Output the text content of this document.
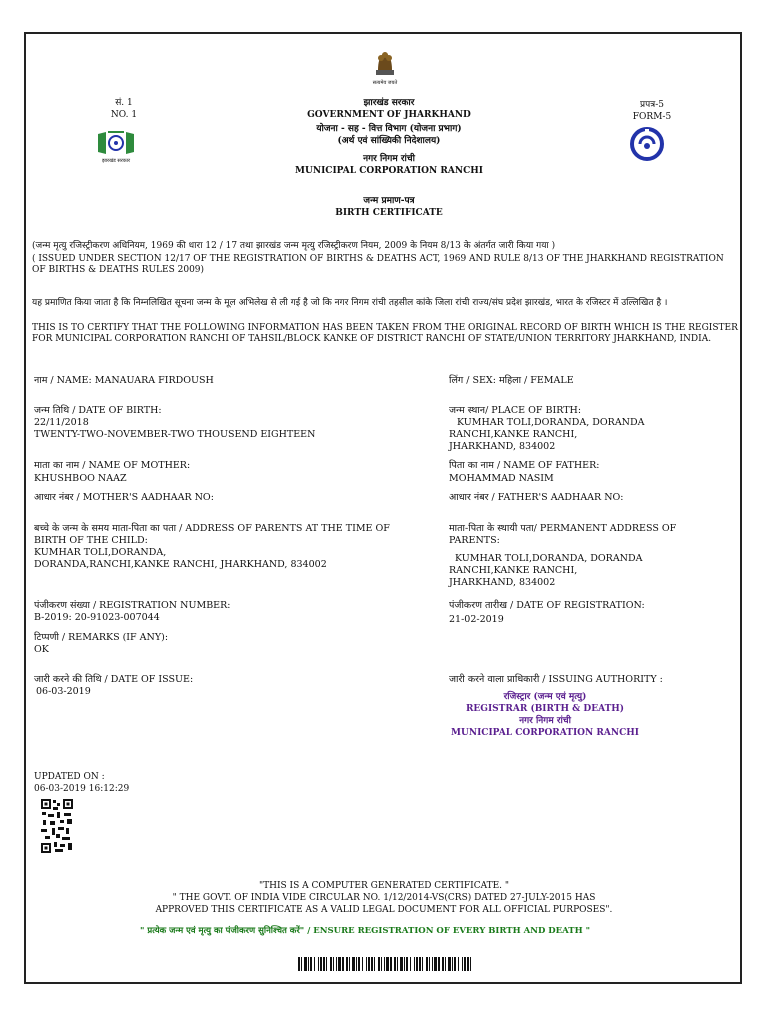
सं. 1
NO. 1
झारखंड सरकार
सत्यमेव जयते
झारखंड सरकार
GOVERNMENT OF JHARKHAND
योजना - सह - वित्त विभाग (योजना प्रभाग)
(अर्थ एवं सांख्यिकी निदेशालय)
नगर निगम रांची
MUNICIPAL CORPORATION RANCHI
प्रपत्र-5
FORM-5
जन्म प्रमाण-पत्र
BIRTH CERTIFICATE
(जन्म मृत्यु रजिस्ट्रीकरण अधिनियम, 1969 की धारा 12 / 17 तथा झारखंड जन्म मृत्यु रजिस्ट्रीकरण नियम, 2009 के नियम 8/13 के अंतर्गत जारी किया गया )
( ISSUED UNDER SECTION 12/17 OF THE REGISTRATION OF BIRTHS & DEATHS ACT, 1969 AND RULE 8/13 OF THE JHARKHAND REGISTRATION OF BIRTHS & DEATHS RULES 2009)
यह प्रमाणित किया जाता है कि निम्नलिखित सूचना जन्म के मूल अभिलेख से ली गई है जो कि नगर निगम रांची तहसील कांके जिला रांची राज्य/संघ प्रदेश झारखंड, भारत के रजिस्टर में उल्लिखित है ।
THIS IS TO CERTIFY THAT THE FOLLOWING INFORMATION HAS BEEN TAKEN FROM THE ORIGINAL RECORD OF BIRTH WHICH IS THE REGISTER FOR MUNICIPAL CORPORATION RANCHI OF TAHSIL/BLOCK KANKE OF DISTRICT RANCHI OF STATE/UNION TERRITORY JHARKHAND, INDIA.
नाम / NAME: MANAUARA FIRDOUSH	लिंग / SEX: महिला / FEMALE
जन्म तिथि / DATE OF BIRTH:
22/11/2018
TWENTY-TWO-NOVEMBER-TWO THOUSEND EIGHTEEN
जन्म स्थान/ PLACE OF BIRTH:
KUMHAR TOLI,DORANDA, DORANDA
RANCHI,KANKE RANCHI,
JHARKHAND, 834002
माता का नाम / NAME OF MOTHER:
KHUSHBOO NAAZ
पिता का नाम / NAME OF FATHER:
MOHAMMAD NASIM
आधार नंबर / MOTHER'S AADHAAR NO:	आधार नंबर / FATHER'S AADHAAR NO:
बच्चे के जन्म के समय माता-पिता का पता / ADDRESS OF PARENTS AT THE TIME OF
BIRTH OF THE CHILD:
KUMHAR TOLI,DORANDA,
DORANDA,RANCHI,KANKE RANCHI, JHARKHAND, 834002
माता-पिता के स्थायी पता/ PERMANENT ADDRESS OF
PARENTS:
KUMHAR TOLI,DORANDA, DORANDA
RANCHI,KANKE RANCHI,
JHARKHAND, 834002
पंजीकरण संख्या / REGISTRATION NUMBER:
B-2019: 20-91023-007044
पंजीकरण तारीख / DATE OF REGISTRATION:
21-02-2019
टिप्पणी / REMARKS (IF ANY):
OK
जारी करने की तिथि / DATE OF ISSUE:
06-03-2019
जारी करने वाला प्राधिकारी / ISSUING AUTHORITY :
रजिस्ट्रार (जन्म एवं मृत्यु)
REGISTRAR (BIRTH & DEATH)
नगर निगम रांची
MUNICIPAL CORPORATION RANCHI
UPDATED ON :
06-03-2019 16:12:29
"THIS IS A COMPUTER GENERATED CERTIFICATE. "
" THE GOVT. OF INDIA VIDE CIRCULAR NO. 1/12/2014-VS(CRS) DATED 27-JULY-2015 HAS
APPROVED THIS CERTIFICATE AS A VALID LEGAL DOCUMENT FOR ALL OFFICIAL PURPOSES".
" प्रत्येक जन्म एवं मृत्यु का पंजीकरण सुनिश्चित करें" / ENSURE REGISTRATION OF EVERY BIRTH AND DEATH "
